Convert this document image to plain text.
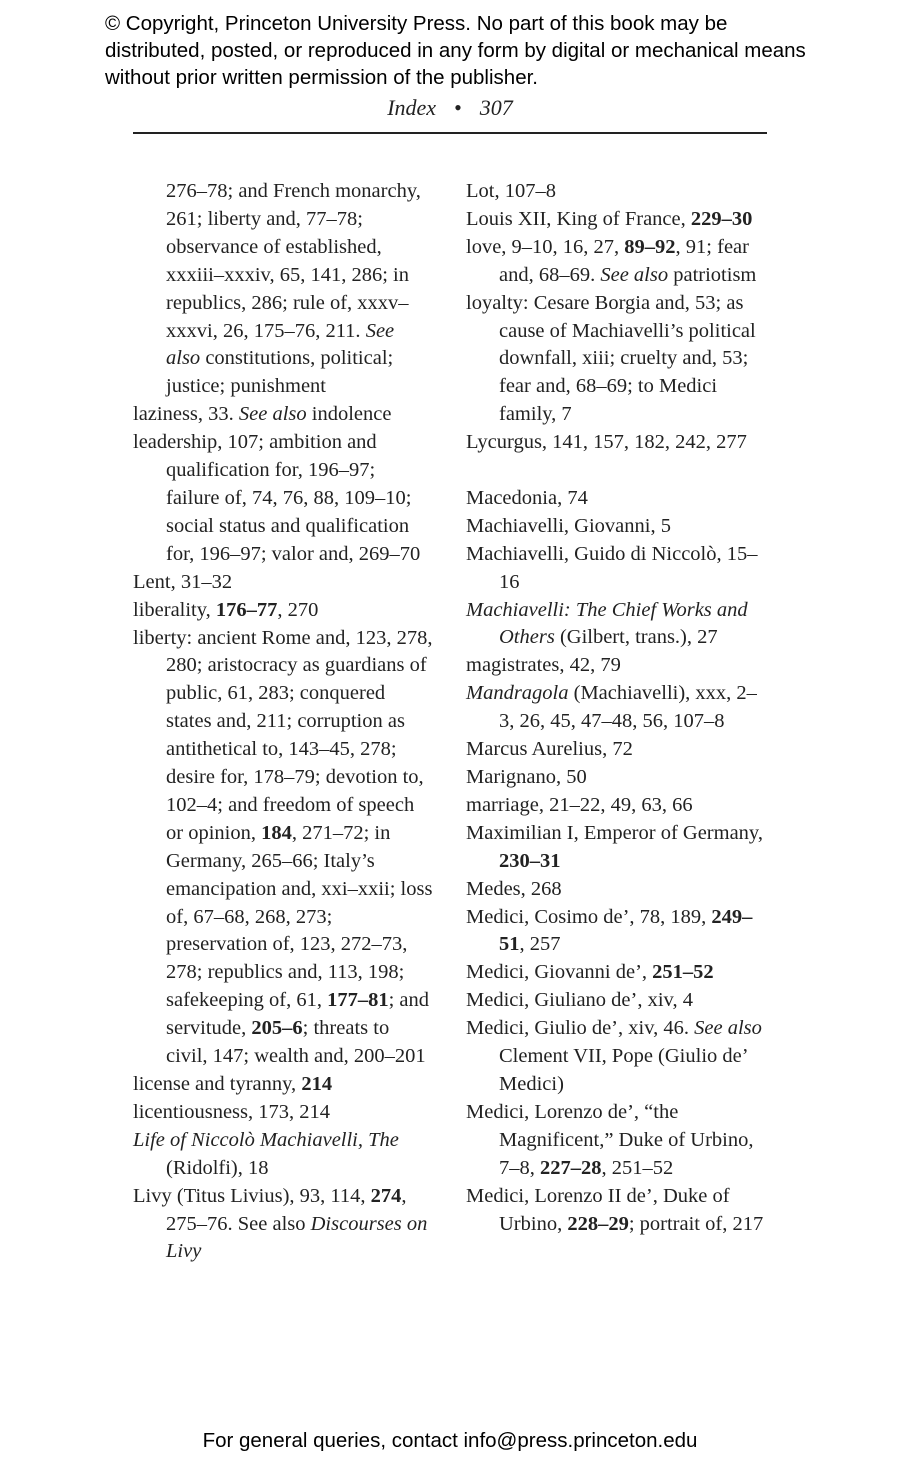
© Copyright, Princeton University Press. No part of this book may be distributed, posted, or reproduced in any form by digital or mechanical means without prior written permission of the publisher.

Index • 307
276–78; and French monarchy, 261; liberty and, 77–78; observance of established, xxxiii–xxxiv, 65, 141, 286; in republics, 286; rule of, xxxv–xxxvi, 26, 175–76, 211. See also constitutions, political; justice; punishment
laziness, 33. See also indolence
leadership, 107; ambition and qualification for, 196–97; failure of, 74, 76, 88, 109–10; social status and qualification for, 196–97; valor and, 269–70
Lent, 31–32
liberality, 176–77, 270
liberty: ancient Rome and, 123, 278, 280; aristocracy as guardians of public, 61, 283; conquered states and, 211; corruption as antithetical to, 143–45, 278; desire for, 178–79; devotion to, 102–4; and freedom of speech or opinion, 184, 271–72; in Germany, 265–66; Italy’s emancipation and, xxi–xxii; loss of, 67–68, 268, 273; preservation of, 123, 272–73, 278; republics and, 113, 198; safekeeping of, 61, 177–81; and servitude, 205–6; threats to civil, 147; wealth and, 200–201
license and tyranny, 214
licentiousness, 173, 214
Life of Niccolò Machiavelli, The (Ridolfi), 18
Livy (Titus Livius), 93, 114, 274, 275–76. See also Discourses on Livy
Lot, 107–8
Louis XII, King of France, 229–30
love, 9–10, 16, 27, 89–92, 91; fear and, 68–69. See also patriotism
loyalty: Cesare Borgia and, 53; as cause of Machiavelli’s political downfall, xiii; cruelty and, 53; fear and, 68–69; to Medici family, 7
Lycurgus, 141, 157, 182, 242, 277
Macedonia, 74
Machiavelli, Giovanni, 5
Machiavelli, Guido di Niccolò, 15–16
Machiavelli: The Chief Works and Others (Gilbert, trans.), 27
magistrates, 42, 79
Mandragola (Machiavelli), xxx, 2–3, 26, 45, 47–48, 56, 107–8
Marcus Aurelius, 72
Marignano, 50
marriage, 21–22, 49, 63, 66
Maximilian I, Emperor of Germany, 230–31
Medes, 268
Medici, Cosimo de’, 78, 189, 249–51, 257
Medici, Giovanni de’, 251–52
Medici, Giuliano de’, xiv, 4
Medici, Giulio de’, xiv, 46. See also Clement VII, Pope (Giulio de’ Medici)
Medici, Lorenzo de’, “the Magnificent,” Duke of Urbino, 7–8, 227–28, 251–52
Medici, Lorenzo II de’, Duke of Urbino, 228–29; portrait of, 217
For general queries, contact info@press.princeton.edu
